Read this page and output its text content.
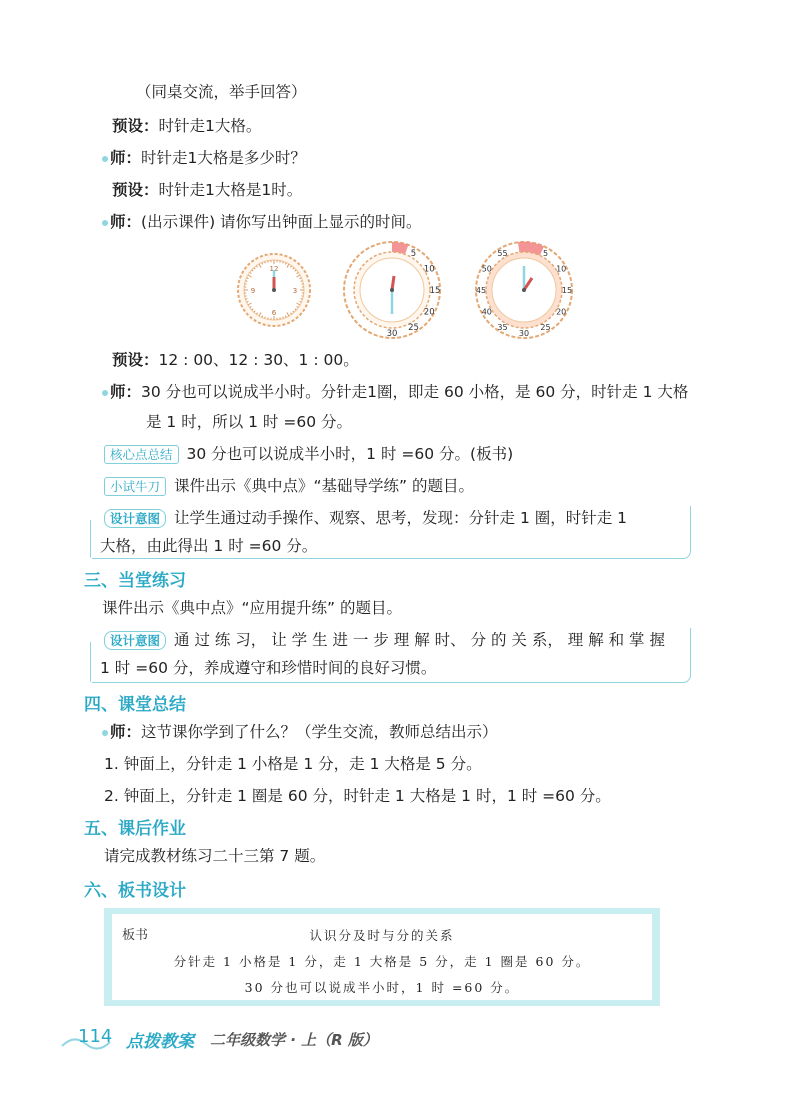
（同桌交流，举手回答）
预设：时针走1大格。
师：时针走1大格是多少时？
预设：时针走1大格是1时。
师：(出示课件) 请你写出钟面上显示的时间。
12
3
6
9
5
10
15
20
25
30
55	5
10
15
20
25
30
35
40
45
50
预设：12 : 00、12 : 30、1 : 00。
师：30 分也可以说成半小时。分针走1圈，即走 60 小格，是 60 分，时针走 1 大格
是 1 时，所以 1 时 =60 分。
核心点总结 30 分也可以说成半小时，1 时 =60 分。(板书)
小试牛刀 课件出示《典中点》“基础导学练” 的题目。
设计意图 让学生通过动手操作、观察、思考，发现：分针走 1 圈，时针走 1
大格，由此得出 1 时 =60 分。
三、当堂练习
课件出示《典中点》“应用提升练” 的题目。
设计意图 通 过 练 习， 让 学 生 进 一 步 理 解 时、 分 的 关 系， 理 解 和 掌 握
1 时 =60 分，养成遵守和珍惜时间的良好习惯。
四、课堂总结
师：这节课你学到了什么？（学生交流，教师总结出示）
1. 钟面上，分针走 1 小格是 1 分，走 1 大格是 5 分。
2. 钟面上，分针走 1 圈是 60 分，时针走 1 大格是 1 时，1 时 =60 分。
五、课后作业
请完成教材练习二十三第 7 题。
六、板书设计
板书	认识分及时与分的关系
分针走 1 小格是 1 分，走 1 大格是 5 分，走 1 圈是 60 分。
30 分也可以说成半小时，1 时 =60 分。
114 点拨教案 二年级数学 · 上（R 版）
